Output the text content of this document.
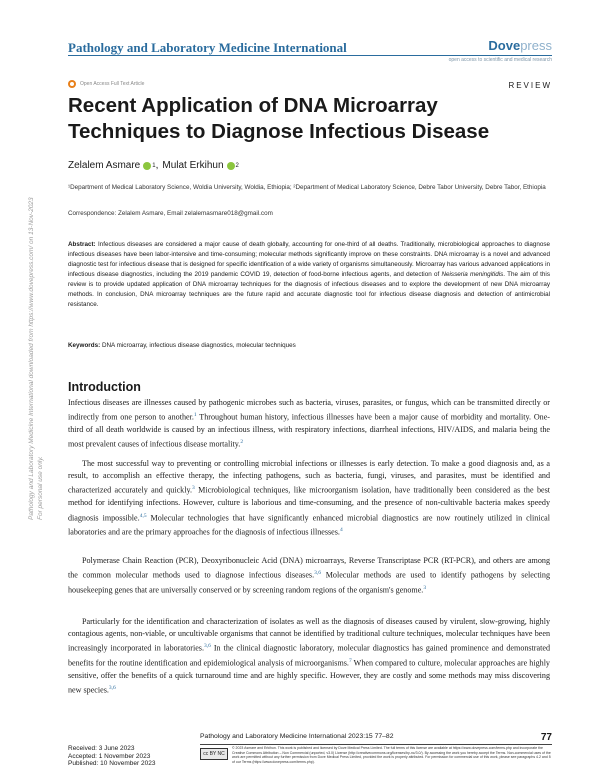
Pathology and Laboratory Medicine International	Dovepress
open access to scientific and medical research
Open Access Full Text Article	REVIEW
Recent Application of DNA Microarray Techniques to Diagnose Infectious Disease
Zelalem Asmare 1 , Mulat Erkihun 2
¹Department of Medical Laboratory Science, Woldia University, Woldia, Ethiopia; ²Department of Medical Laboratory Science, Debre Tabor University, Debre Tabor, Ethiopia
Correspondence: Zelalem Asmare, Email zelalemasmare018@gmail.com
Abstract: Infectious diseases are considered a major cause of death globally, accounting for one-third of all deaths. Traditionally, microbiological approaches to diagnose infectious diseases have been labor-intensive and time-consuming; molecular methods significantly improve on these constraints. DNA microarray is a novel and advanced diagnostic test for infectious disease that is designed for specific identification of a wide variety of organisms simultaneously. Microarray has various advanced applications in infectious disease diagnostics, including the 2019 pandemic COVID 19, detection of food-borne infectious agents, and detection of Neisseria meningitidis. The aim of this review is to provide updated application of DNA microarray techniques for the diagnosis of infectious diseases and to explore the development of new DNA microarray methods. In conclusion, DNA microarray techniques are the future rapid and accurate diagnostic tool for infectious disease diagnosis and detection of antimicrobial resistance.
Keywords: DNA microarray, infectious disease diagnostics, molecular techniques
Pathology and Laboratory Medicine International downloaded from https://www.dovepress.com/ on 13-Nov-2023 For personal use only.
Introduction

Infectious diseases are illnesses caused by pathogenic microbes such as bacteria, viruses, parasites, or fungus, which can be transmitted directly or indirectly from one person to another.$^1$ Throughout human history, infectious illnesses have been a major cause of morbidity and mortality. One-third of all death worldwide is caused by an infectious illness, with respiratory infections, diarrheal infections, HIV/AIDS, and malaria being the most prevalent causes of infectious disease mortality.$^2$

The most successful way to preventing or controlling microbial infections or illnesses is early detection. To make a good diagnosis and, as a result, to accomplish an effective therapy, the infecting pathogens, such as bacteria, fungi, viruses, and parasites, must be identified and characterized accurately and quickly.$^3$ Microbiological techniques, like microorganism isolation, have traditionally been considered as the best method for identifying infections. However, culture is laborious and time-consuming, and the presence of non-cultivable bacteria makes speedy diagnosis impossible.$^{4,5}$ Molecular technologies that have significantly enhanced microbial diagnostics are now routinely utilized in clinical laboratories and are the primary approaches for the diagnosis of infectious illnesses.$^4$

Polymerase Chain Reaction (PCR), Deoxyribonucleic Acid (DNA) microarrays, Reverse Transcriptase PCR (RT-PCR), and others are among the common molecular methods used to diagnose infectious diseases.$^{3,6}$ Molecular methods are used to identify pathogens by selecting housekeeping genes that are universally conserved or by screening random regions of the organism's genome.$^3$

Particularly for the identification and characterization of isolates as well as the diagnosis of diseases caused by virulent, slow-growing, highly contagious agents, non-viable, or uncultivable organisms that cannot be identified by traditional culture techniques, molecular techniques have been increasingly incorporated in laboratories.$^{3,6}$ In the clinical diagnostic laboratory, molecular diagnostics has gained prominence and demonstrated benefits for the routine identification and epidemiological analysis of microorganisms.$^7$ When compared to culture, molecular approaches are highly sensitive, offer the benefits of a quick turnaround time and are highly specific. However, they are costly and some methods may miss discovering new species.$^{3,6}$

77
Pathology and Laboratory Medicine International 2023:15 77–82
Received: 3 June 2023
Accepted: 1 November 2023
Published: 10 November 2023
cc BY NC
© 2023 Asmare and Erkihun. This work is published and licensed by Dove Medical Press Limited. The full terms of this license are available at https://www.dovepress.com/terms.php and incorporate the Creative Commons Attribution – Non Commercial (unported, v3.0) License (http://creativecommons.org/licenses/by-nc/3.0/). By accessing the work you hereby accept the Terms. Non-commercial uses of the work are permitted without any further permission from Dove Medical Press Limited, provided the work is properly attributed. For permission for commercial use of this work, please see paragraphs 4.2 and 5 of our Terms (https://www.dovepress.com/terms.php).
